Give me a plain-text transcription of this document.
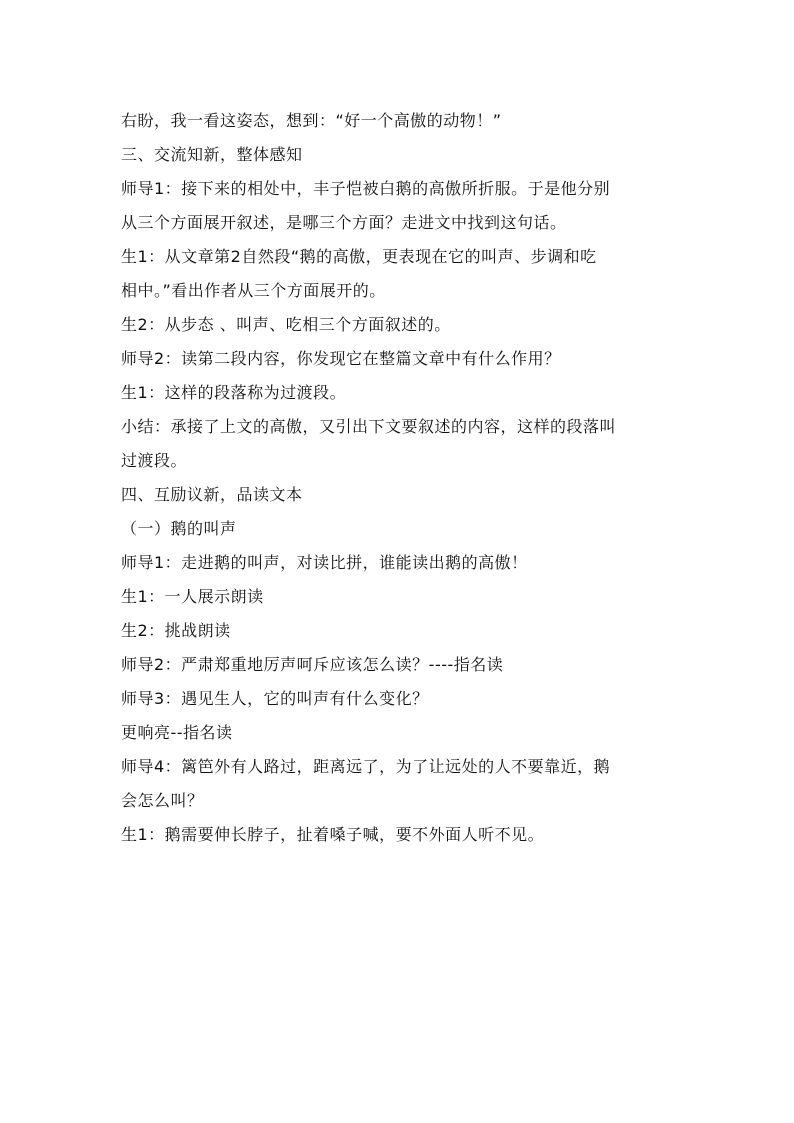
右盼，我一看这姿态，想到：“好一个高傲的动物！”
三、交流知新，整体感知
师导1：接下来的相处中，丰子恺被白鹅的高傲所折服。于是他分别
从三个方面展开叙述，是哪三个方面？走进文中找到这句话。
生1：从文章第2自然段“鹅的高傲，更表现在它的叫声、步调和吃
相中。”看出作者从三个方面展开的。
生2：从步态 、叫声、吃相三个方面叙述的。
师导2：读第二段内容，你发现它在整篇文章中有什么作用？
生1：这样的段落称为过渡段。
小结：承接了上文的高傲，又引出下文要叙述的内容，这样的段落叫
过渡段。
四、互励议新，品读文本
（一）鹅的叫声
师导1：走进鹅的叫声，对读比拼，谁能读出鹅的高傲！
生1：一人展示朗读
生2：挑战朗读
师导2：严肃郑重地厉声呵斥应该怎么读？----指名读
师导3：遇见生人，它的叫声有什么变化？
更响亮--指名读
师导4：篱笆外有人路过，距离远了，为了让远处的人不要靠近，鹅
会怎么叫？
生1：鹅需要伸长脖子，扯着嗓子喊，要不外面人听不见。
